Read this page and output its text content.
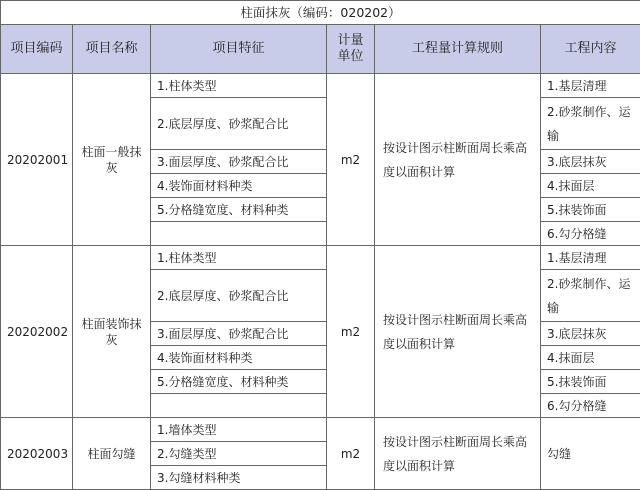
柱面抹灰（编码：020202）					
项目编码	项目名称	项目特征	计量单位	工程量计算规则	工程内容
20202001	柱面一般抹灰	1.柱体类型	m2	按设计图示柱断面周长乘高度以面积计算	1.基层清理
		2.底层厚度、砂浆配合比			2.砂浆制作、运输
		3.面层厚度、砂浆配合比			3.底层抹灰
		4.装饰面材料种类			4.抹面层
		5.分格缝宽度、材料种类			5.抹装饰面
					6.勾分格缝
20202002	柱面装饰抹灰	1.柱体类型	m2	按设计图示柱断面周长乘高度以面积计算	1.基层清理
		2.底层厚度、砂浆配合比			2.砂浆制作、运输
		3.面层厚度、砂浆配合比			3.底层抹灰
		4.装饰面材料种类			4.抹面层
		5.分格缝宽度、材料种类			5.抹装饰面
					6.勾分格缝
20202003	柱面勾缝	1.墙体类型	m2	按设计图示柱断面周长乘高度以面积计算	勾缝
		2.勾缝类型			
		3.勾缝材料种类			
